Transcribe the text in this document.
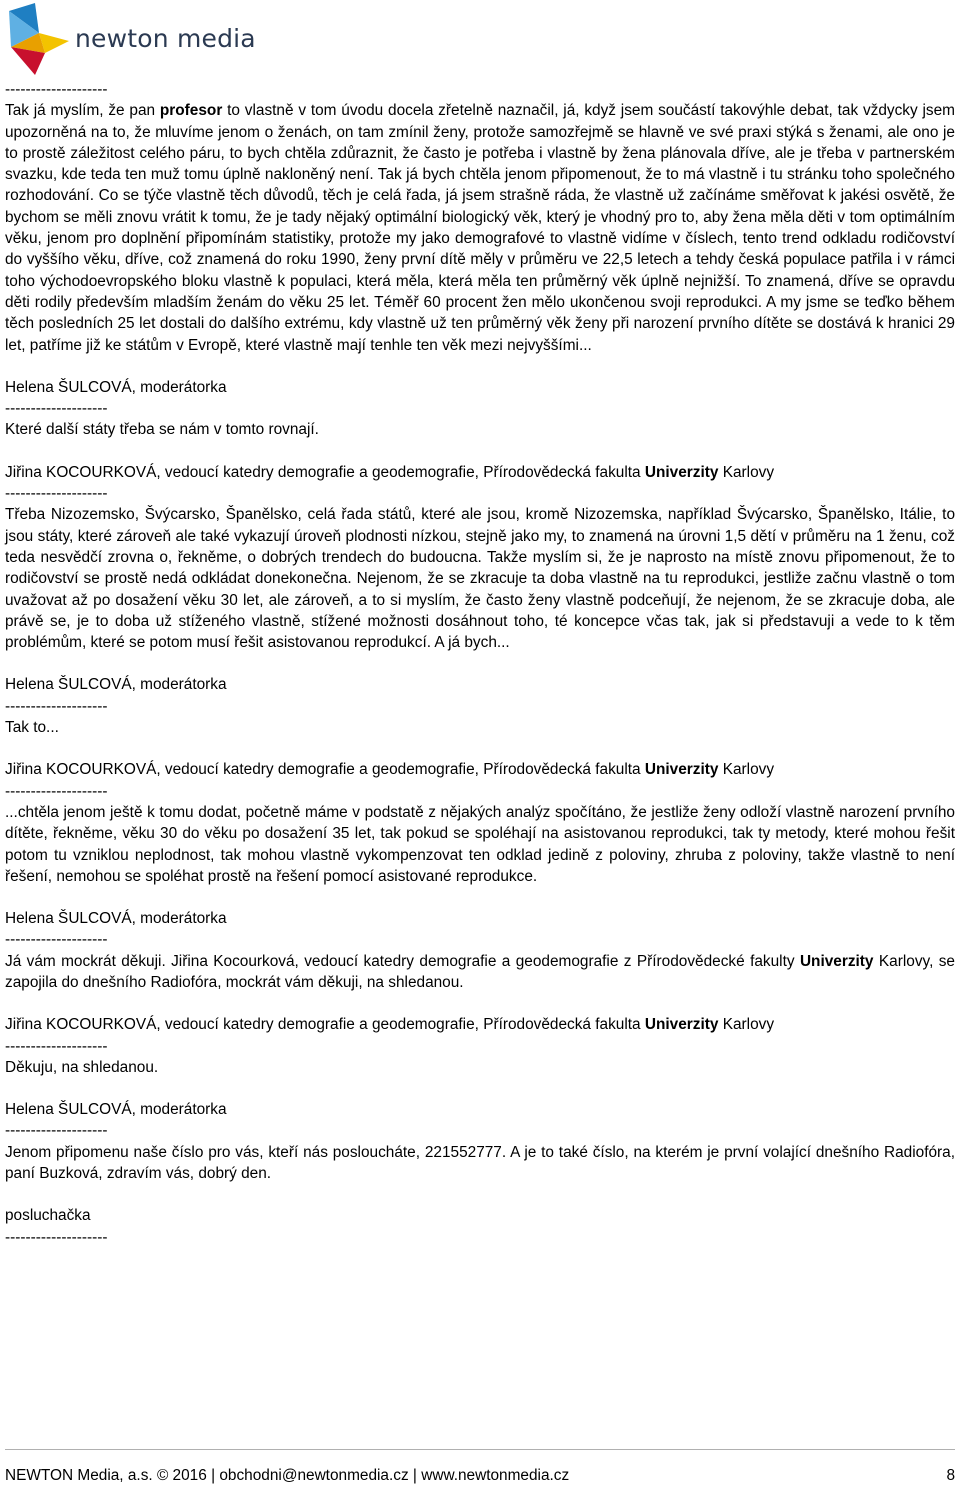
newton media

--------------------

Tak já myslím, že pan profesor to vlastně v tom úvodu docela zřetelně naznačil, já, když jsem součástí takovýhle debat, tak vždycky jsem upozorněná na to, že mluvíme jenom o ženách, on tam zmínil ženy, protože samozřejmě se hlavně ve své praxi stýká s ženami, ale ono je to prostě záležitost celého páru, to bych chtěla zdůraznit, že často je potřeba i vlastně by žena plánovala dříve, ale je třeba v partnerském svazku, kde teda ten muž tomu úplně nakloněný není. Tak já bych chtěla jenom připomenout, že to má vlastně i tu stránku toho společného rozhodování. Co se týče vlastně těch důvodů, těch je celá řada, já jsem strašně ráda, že vlastně už začínáme směřovat k jakési osvětě, že bychom se měli znovu vrátit k tomu, že je tady nějaký optimální biologický věk, který je vhodný pro to, aby žena měla děti v tom optimálním věku, jenom pro doplnění připomínám statistiky, protože my jako demografové to vlastně vidíme v číslech, tento trend odkladu rodičovství do vyššího věku, dříve, což znamená do roku 1990, ženy první dítě měly v průměru ve 22,5 letech a tehdy česká populace patřila i v rámci toho východoevropského bloku vlastně k populaci, která měla, která měla ten průměrný věk úplně nejnižší. To znamená, dříve se opravdu děti rodily především mladším ženám do věku 25 let. Téměř 60 procent žen mělo ukončenou svoji reprodukci. A my jsme se teďko během těch posledních 25 let dostali do dalšího extrému, kdy vlastně už ten průměrný věk ženy při narození prvního dítěte se dostává k hranici 29 let, patříme již ke státům v Evropě, které vlastně mají tenhle ten věk mezi nejvyššími...

Helena ŠULCOVÁ, moderátorka

--------------------

Které další státy třeba se nám v tomto rovnají.

Jiřina KOCOURKOVÁ, vedoucí katedry demografie a geodemografie, Přírodovědecká fakulta Univerzity Karlovy

--------------------

Třeba Nizozemsko, Švýcarsko, Španělsko, celá řada států, které ale jsou, kromě Nizozemska, například Švýcarsko, Španělsko, Itálie, to jsou státy, které zároveň ale také vykazují úroveň plodnosti nízkou, stejně jako my, to znamená na úrovni 1,5 dětí v průměru na 1 ženu, což teda nesvědčí zrovna o, řekněme, o dobrých trendech do budoucna. Takže myslím si, že je naprosto na místě znovu připomenout, že to rodičovství se prostě nedá odkládat donekonečna. Nejenom, že se zkracuje ta doba vlastně na tu reprodukci, jestliže začnu vlastně o tom uvažovat až po dosažení věku 30 let, ale zároveň, a to si myslím, že často ženy vlastně podceňují, že nejenom, že se zkracuje doba, ale právě se, je to doba už stíženého vlastně, stížené možnosti dosáhnout toho, té koncepce včas tak, jak si představuji a vede to k těm problémům, které se potom musí řešit asistovanou reprodukcí. A já bych...

Helena ŠULCOVÁ, moderátorka

--------------------

Tak to...

Jiřina KOCOURKOVÁ, vedoucí katedry demografie a geodemografie, Přírodovědecká fakulta Univerzity Karlovy

--------------------

...chtěla jenom ještě k tomu dodat, početně máme v podstatě z nějakých analýz spočítáno, že jestliže ženy odloží vlastně narození prvního dítěte, řekněme, věku 30 do věku po dosažení 35 let, tak pokud se spoléhají na asistovanou reprodukci, tak ty metody, které mohou řešit potom tu vzniklou neplodnost, tak mohou vlastně vykompenzovat ten odklad jedině z poloviny, zhruba z poloviny, takže vlastně to není řešení, nemohou se spoléhat prostě na řešení pomocí asistované reprodukce.

Helena ŠULCOVÁ, moderátorka

--------------------

Já vám mockrát děkuji. Jiřina Kocourková, vedoucí katedry demografie a geodemografie z Přírodovědecké fakulty Univerzity Karlovy, se zapojila do dnešního Radiofóra, mockrát vám děkuji, na shledanou.

Jiřina KOCOURKOVÁ, vedoucí katedry demografie a geodemografie, Přírodovědecká fakulta Univerzity Karlovy

--------------------

Děkuju, na shledanou.

Helena ŠULCOVÁ, moderátorka

--------------------

Jenom připomenu naše číslo pro vás, kteří nás posloucháte, 221552777. A je to také číslo, na kterém je první volající dnešního Radiofóra, paní Buzková, zdravím vás, dobrý den.

posluchačka

--------------------

NEWTON Media, a.s. © 2016 | obchodni@newtonmedia.cz | www.newtonmedia.cz	8
